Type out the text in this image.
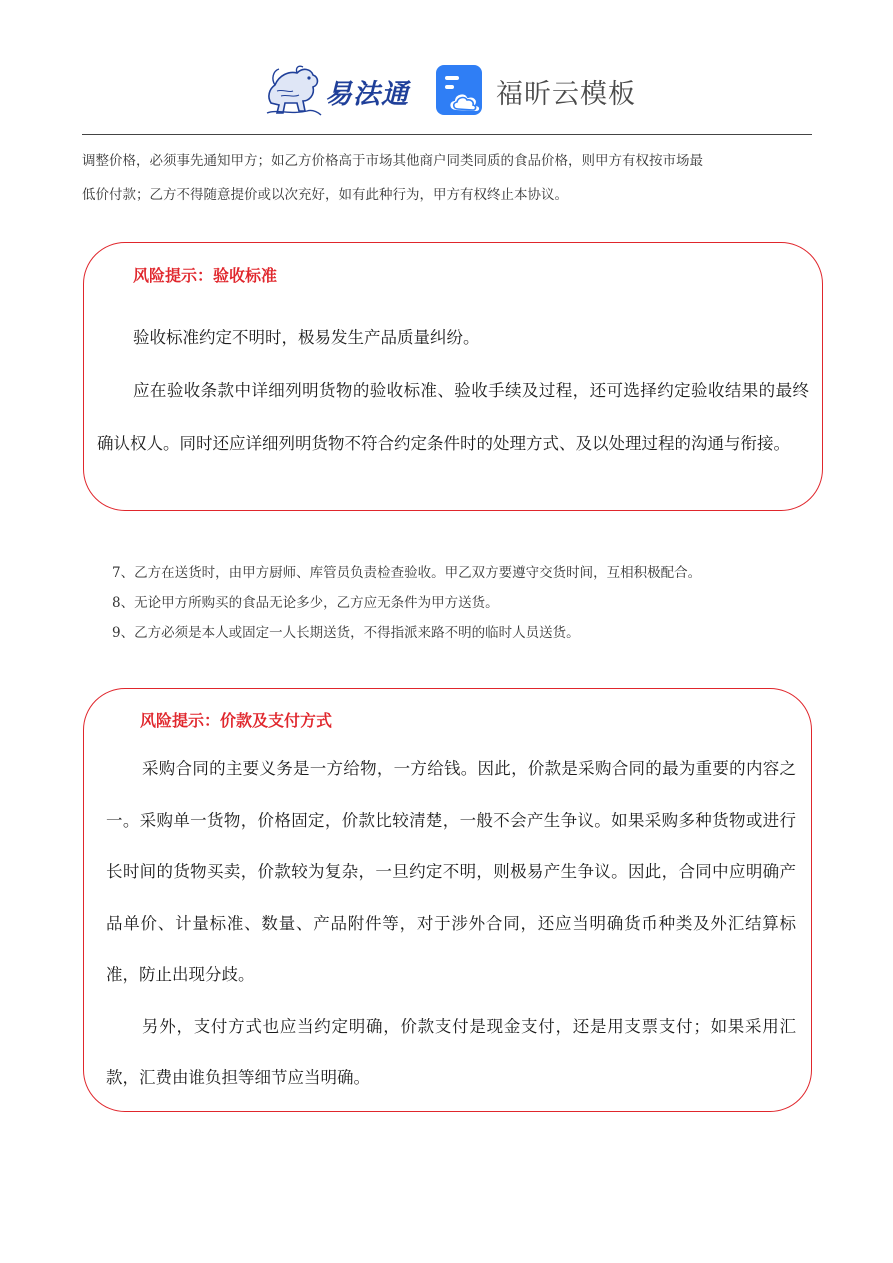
易法通	福昕云模板

调整价格，必须事先通知甲方；如乙方价格高于市场其他商户同类同质的食品价格，则甲方有权按市场最

低价付款；乙方不得随意提价或以次充好，如有此种行为，甲方有权终止本协议。

风险提示：验收标准

验收标准约定不明时，极易发生产品质量纠纷。

应在验收条款中详细列明货物的验收标准、验收手续及过程，还可选择约定验收结果的最终确认权人。同时还应详细列明货物不符合约定条件时的处理方式、及以处理过程的沟通与衔接。

7、乙方在送货时，由甲方厨师、库管员负责检查验收。甲乙双方要遵守交货时间，互相积极配合。

8、无论甲方所购买的食品无论多少，乙方应无条件为甲方送货。

9、乙方必须是本人或固定一人长期送货，不得指派来路不明的临时人员送货。

风险提示：价款及支付方式

采购合同的主要义务是一方给物，一方给钱。因此，价款是采购合同的最为重要的内容之一。采购单一货物，价格固定，价款比较清楚，一般不会产生争议。如果采购多种货物或进行长时间的货物买卖，价款较为复杂，一旦约定不明，则极易产生争议。因此，合同中应明确产品单价、计量标准、数量、产品附件等，对于涉外合同，还应当明确货币种类及外汇结算标准，防止出现分歧。

另外，支付方式也应当约定明确，价款支付是现金支付，还是用支票支付；如果采用汇款，汇费由谁负担等细节应当明确。
